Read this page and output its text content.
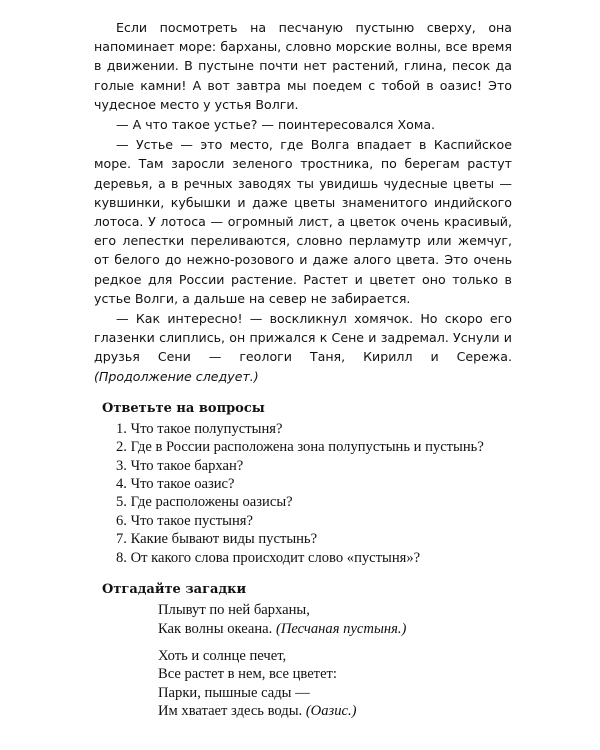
Если посмотреть на песчаную пустыню сверху, она напоминает море: барханы, словно морские волны, все время в движении. В пустыне почти нет растений, глина, песок да голые камни! А вот завтра мы поедем с тобой в оазис! Это чудесное место у устья Волги.

— А что такое устье? — поинтересовался Хома.

— Устье — это место, где Волга впадает в Каспийское море. Там заросли зеленого тростника, по берегам растут деревья, а в речных заводях ты увидишь чудесные цветы — кувшинки, кубышки и даже цветы знаменитого индийского лотоса. У лотоса — огромный лист, а цветок очень красивый, его лепестки переливаются, словно перламутр или жемчуг, от белого до нежно-розового и даже алого цвета. Это очень редкое для России растение. Растет и цветет оно только в устье Волги, а дальше на север не забирается.

— Как интересно! — воскликнул хомячок. Но скоро его глазенки слиплись, он прижался к Сене и задремал. Уснули и друзья Сени — геологи Таня, Кирилл и Сережа. (Продолжение следует.)

Ответьте на вопросы
1. Что такое полупустыня?
2. Где в России расположена зона полупустынь и пустынь?
3. Что такое бархан?
4. Что такое оазис?
5. Где расположены оазисы?
6. Что такое пустыня?
7. Какие бывают виды пустынь?
8. От какого слова происходит слово «пустыня»?
Отгадайте загадки
Плывут по ней барханы,
Как волны океана. (Песчаная пустыня.)
Хоть и солнце печет,
Все растет в нем, все цветет:
Парки, пышные сады —
Им хватает здесь воды. (Оазис.)
